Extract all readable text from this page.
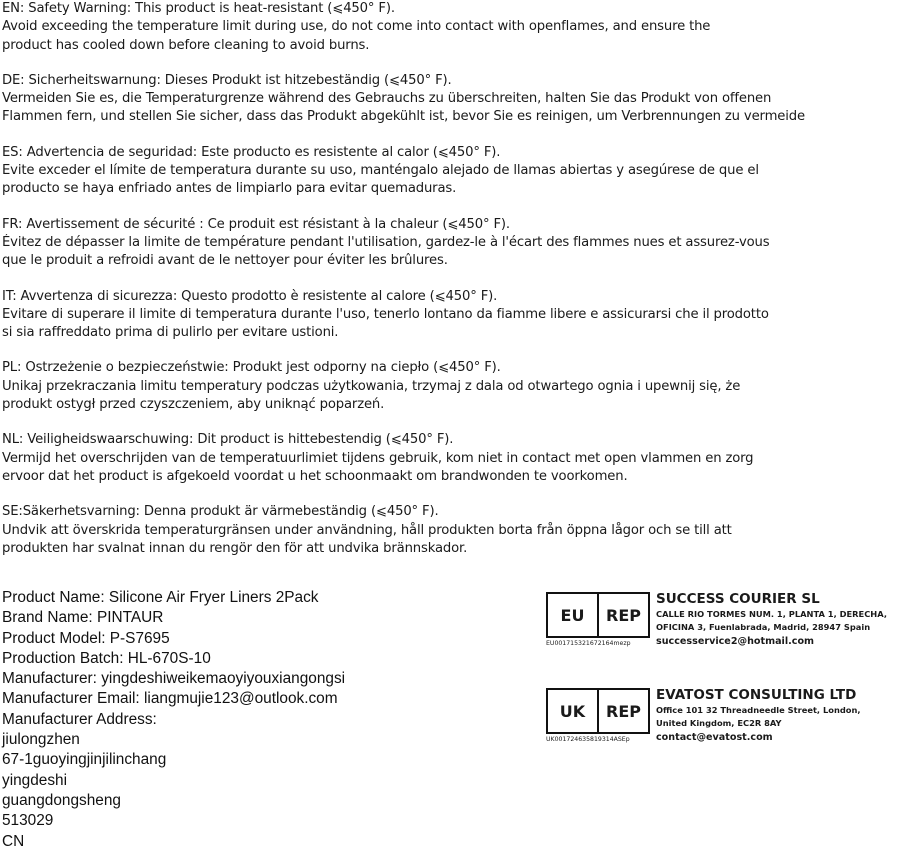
EN: Safety Warning: This product is heat-resistant (⩽450° F).
Avoid exceeding the temperature limit during use, do not come into contact with openflames, and ensure the
product has cooled down before cleaning to avoid burns.
DE: Sicherheitswarnung: Dieses Produkt ist hitzebeständig (⩽450° F).
Vermeiden Sie es, die Temperaturgrenze während des Gebrauchs zu überschreiten, halten Sie das Produkt von offenen
Flammen fern, und stellen Sie sicher, dass das Produkt abgekühlt ist, bevor Sie es reinigen, um Verbrennungen zu vermeide
ES: Advertencia de seguridad: Este producto es resistente al calor (⩽450° F).
Evite exceder el límite de temperatura durante su uso, manténgalo alejado de llamas abiertas y asegúrese de que el
producto se haya enfriado antes de limpiarlo para evitar quemaduras.
FR: Avertissement de sécurité : Ce produit est résistant à la chaleur (⩽450° F).
Évitez de dépasser la limite de température pendant l'utilisation, gardez-le à l'écart des flammes nues et assurez-vous
que le produit a refroidi avant de le nettoyer pour éviter les brûlures.
IT: Avvertenza di sicurezza: Questo prodotto è resistente al calore (⩽450° F).
Evitare di superare il limite di temperatura durante l'uso, tenerlo lontano da fiamme libere e assicurarsi che il prodotto
si sia raffreddato prima di pulirlo per evitare ustioni.
PL: Ostrzeżenie o bezpieczeństwie: Produkt jest odporny na ciepło (⩽450° F).
Unikaj przekraczania limitu temperatury podczas użytkowania, trzymaj z dala od otwartego ognia i upewnij się, że
produkt ostygł przed czyszczeniem, aby uniknąć poparzeń.
NL: Veiligheidswaarschuwing: Dit product is hittebestendig (⩽450° F).
Vermijd het overschrijden van de temperatuurlimiet tijdens gebruik, kom niet in contact met open vlammen en zorg
ervoor dat het product is afgekoeld voordat u het schoonmaakt om brandwonden te voorkomen.
SE:Säkerhetsvarning: Denna produkt är värmebeständig (⩽450° F).
Undvik att överskrida temperaturgränsen under användning, håll produkten borta från öppna lågor och se till att
produkten har svalnat innan du rengör den för att undvika brännskador.
Product Name: Silicone Air Fryer Liners 2Pack
Brand Name: PINTAUR
Product Model: P-S7695
Production Batch: HL-670S-10
Manufacturer: yingdeshiweikemaoyiyouxiangongsi
Manufacturer Email: liangmujie123@outlook.com
Manufacturer Address:
jiulongzhen
67-1guoyingjinjilinchang
yingdeshi
guangdongsheng
513029
CN
EU	REP
EU001715321672164mezp
SUCCESS COURIER SL
CALLE RIO TORMES NUM. 1, PLANTA 1, DERECHA,
OFICINA 3, Fuenlabrada, Madrid, 28947 Spain
successervice2@hotmail.com
UK	REP
UK001724635819314ASEp
EVATOST CONSULTING LTD
Office 101 32 Threadneedle Street, London,
United Kingdom, EC2R 8AY
contact@evatost.com
